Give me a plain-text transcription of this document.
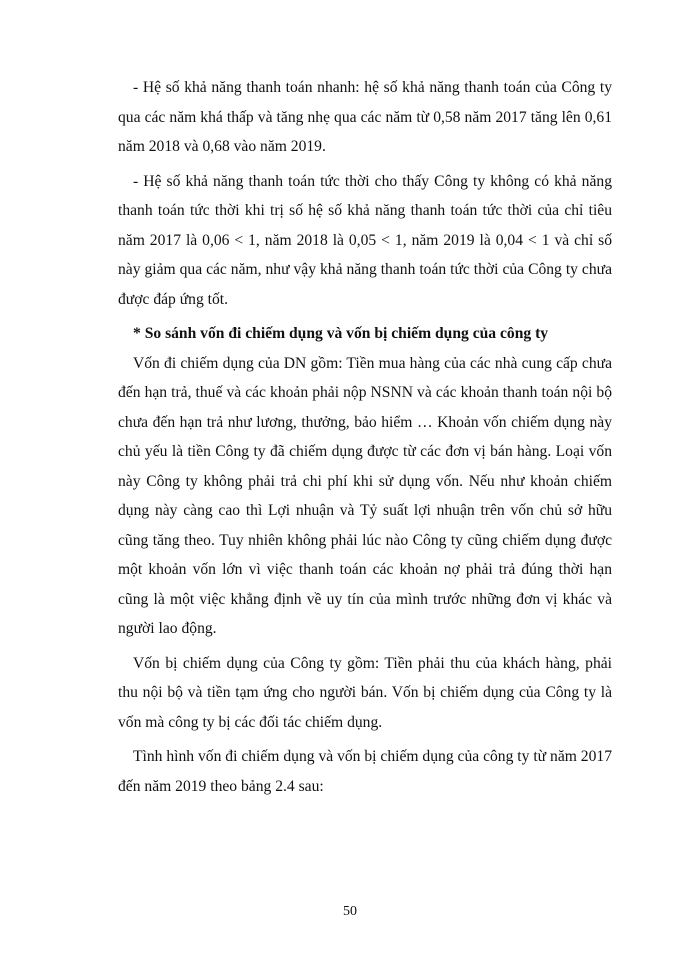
- Hệ số khả năng thanh toán nhanh: hệ số khả năng thanh toán của Công ty qua các năm khá thấp và tăng nhẹ qua các năm từ 0,58 năm 2017 tăng lên 0,61 năm 2018 và 0,68 vào năm 2019.

- Hệ số khả năng thanh toán tức thời cho thấy Công ty không có khả năng thanh toán tức thời khi trị số hệ số khả năng thanh toán tức thời của chỉ tiêu năm 2017 là 0,06 < 1, năm 2018 là 0,05 < 1, năm 2019 là 0,04 < 1 và chỉ số này giảm qua các năm, như vậy khả năng thanh toán tức thời của Công ty chưa được đáp ứng tốt.

* So sánh vốn đi chiếm dụng và vốn bị chiếm dụng của công ty

Vốn đi chiếm dụng của DN gồm: Tiền mua hàng của các nhà cung cấp chưa đến hạn trả, thuế và các khoản phải nộp NSNN và các khoản thanh toán nội bộ chưa đến hạn trả như lương, thưởng, bảo hiểm … Khoản vốn chiếm dụng này chủ yếu là tiền Công ty đã chiếm dụng được từ các đơn vị bán hàng. Loại vốn này Công ty không phải trả chi phí khi sử dụng vốn. Nếu như khoản chiếm dụng này càng cao thì Lợi nhuận và Tỷ suất lợi nhuận trên vốn chủ sở hữu cũng tăng theo. Tuy nhiên không phải lúc nào Công ty cũng chiếm dụng được một khoản vốn lớn vì việc thanh toán các khoản nợ phải trả đúng thời hạn cũng là một việc khẳng định về uy tín của mình trước những đơn vị khác và người lao động.

Vốn bị chiếm dụng của Công ty gồm: Tiền phải thu của khách hàng, phải thu nội bộ và tiền tạm ứng cho người bán. Vốn bị chiếm dụng của Công ty là vốn mà công ty bị các đối tác chiếm dụng.

Tình hình vốn đi chiếm dụng và vốn bị chiếm dụng của công ty từ năm 2017 đến năm 2019 theo bảng 2.4 sau:

50
